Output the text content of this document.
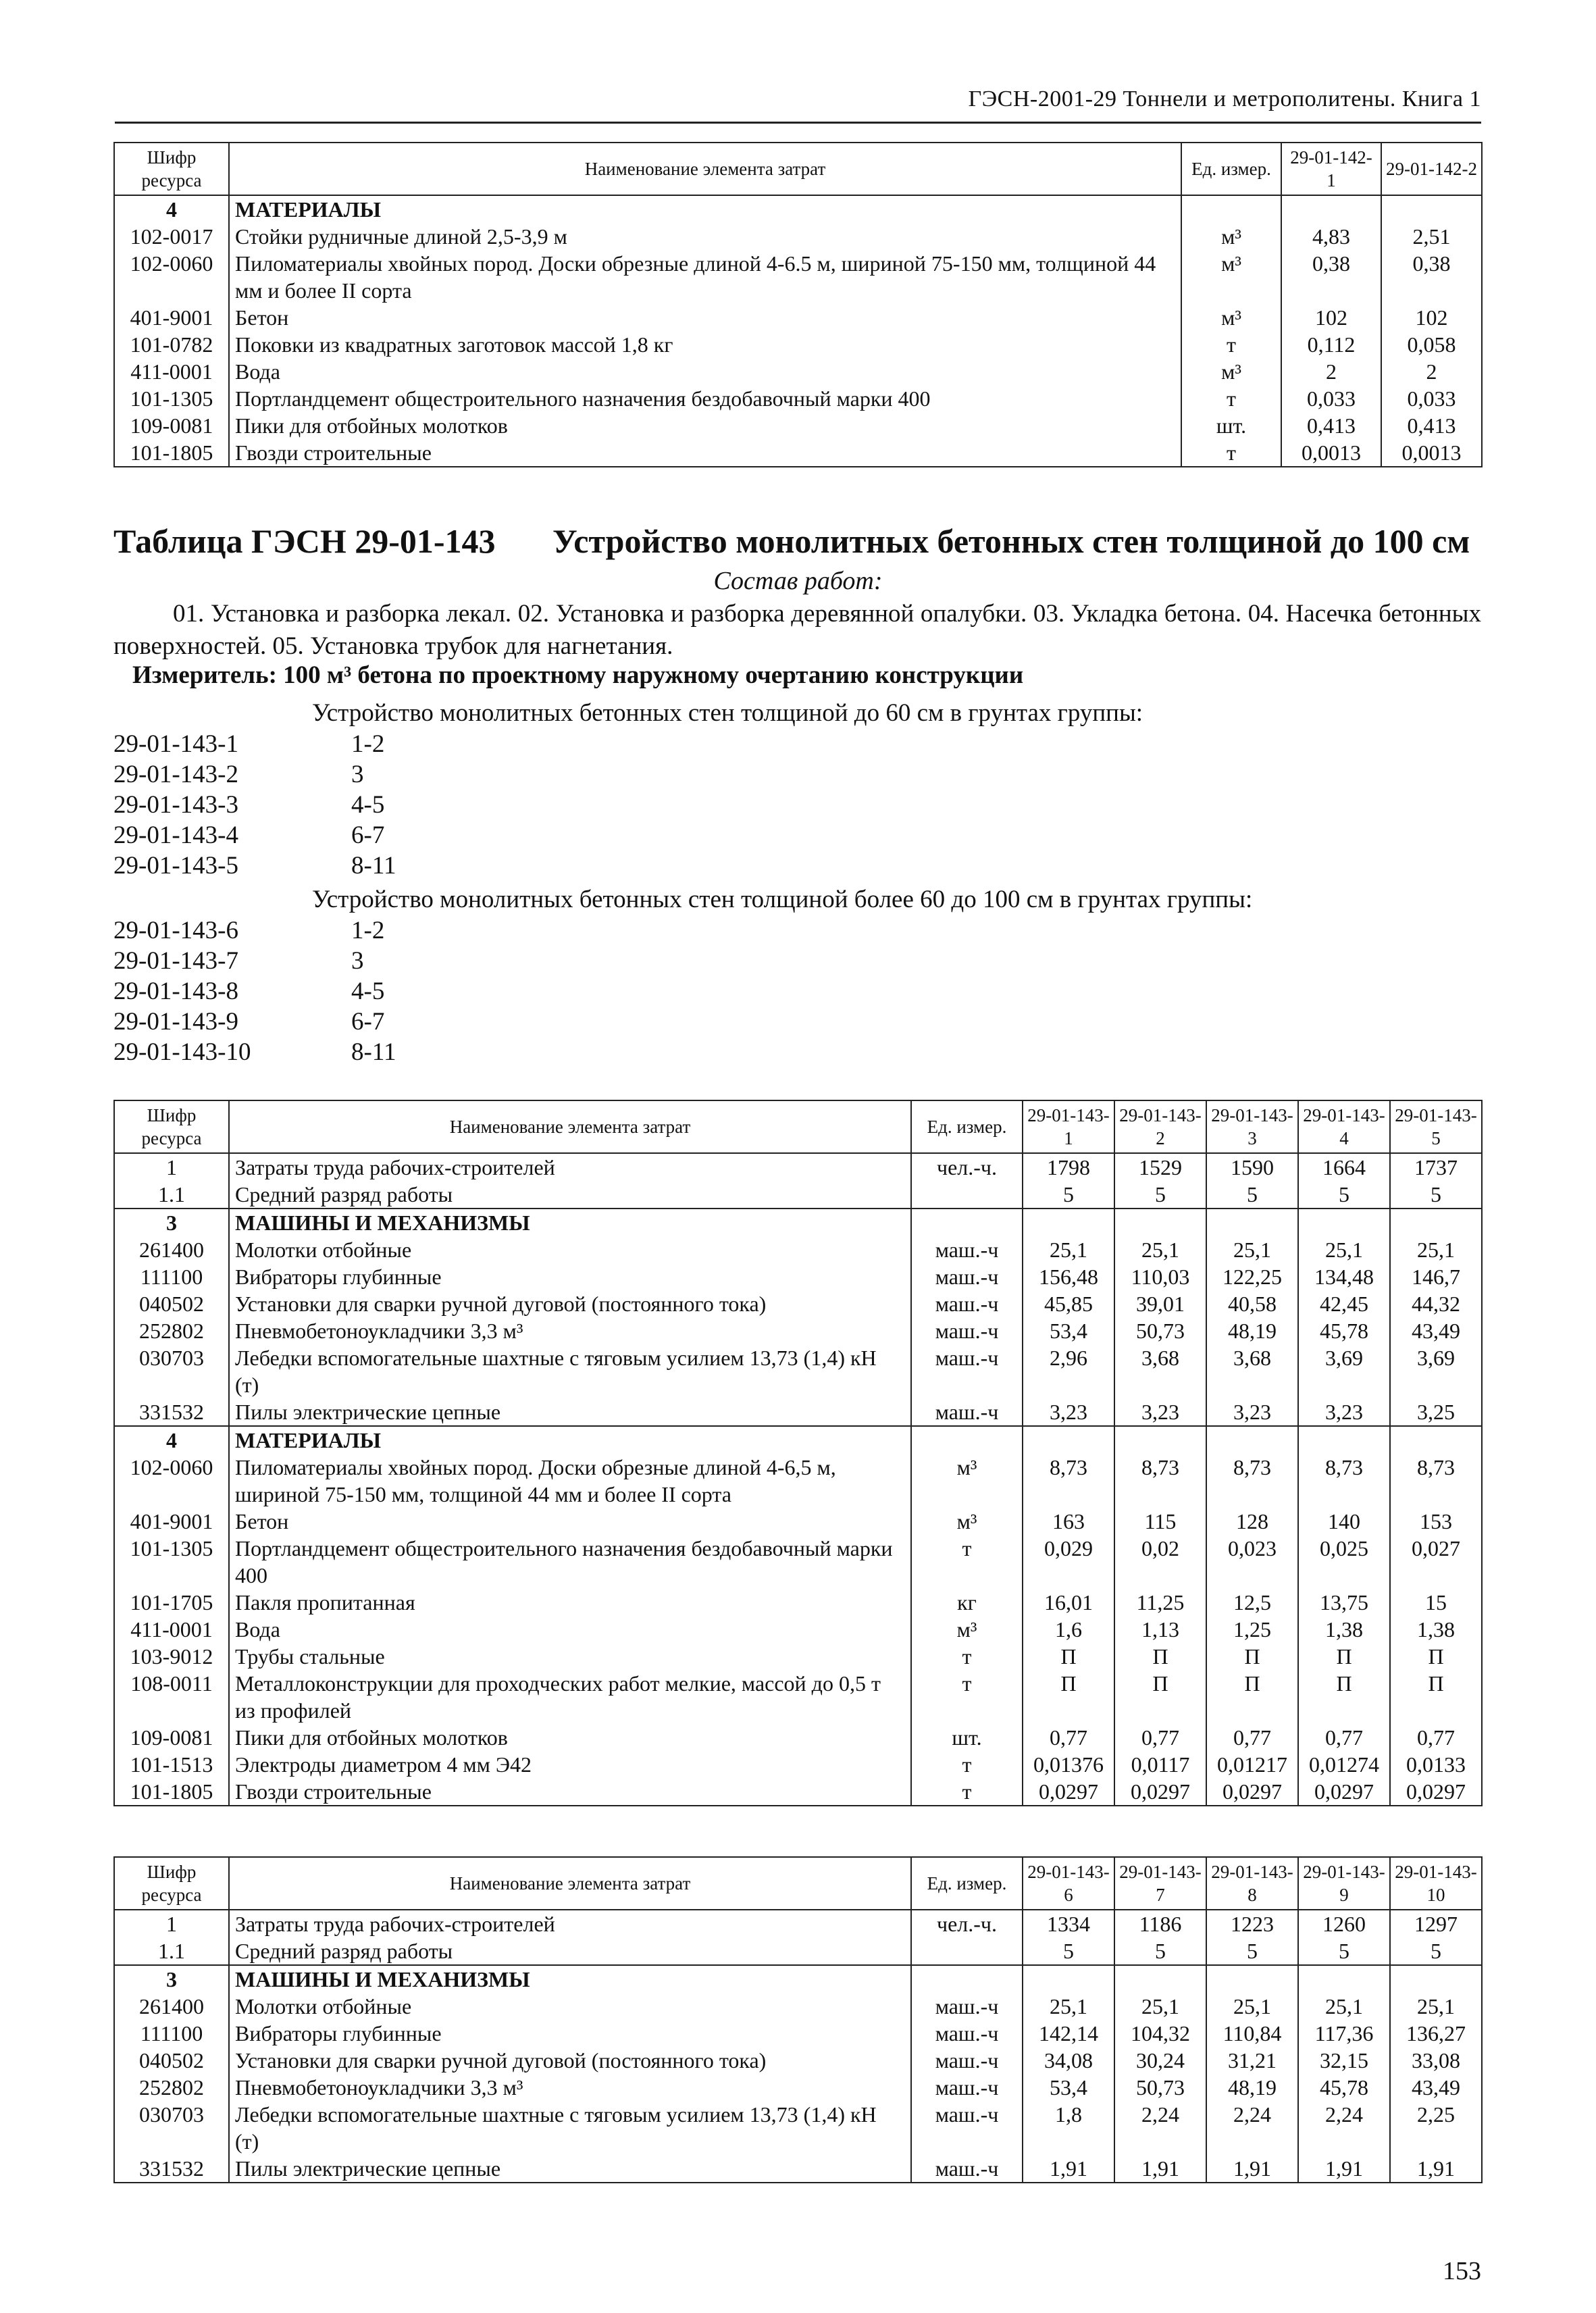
ГЭСН-2001-29 Тоннели и метрополитены. Книга 1
Шифр ресурса	Наименование элемента затрат	Ед. измер.	29-01-142-1	29-01-142-2
4	МАТЕРИАЛЫ			
102-0017	Стойки рудничные длиной 2,5-3,9 м	м³	4,83	2,51
102-0060	Пиломатериалы хвойных пород. Доски обрезные длиной 4-6.5 м, шириной 75-150 мм, толщиной 44 мм и более II сорта	м³	0,38	0,38
401-9001	Бетон	м³	102	102
101-0782	Поковки из квадратных заготовок массой 1,8 кг	т	0,112	0,058
411-0001	Вода	м³	2	2
101-1305	Портландцемент общестроительного назначения бездобавочный марки 400	т	0,033	0,033
109-0081	Пики для отбойных молотков	шт.	0,413	0,413
101-1805	Гвозди строительные	т	0,0013	0,0013
Таблица ГЭСН 29-01-143 Устройство монолитных бетонных стен толщиной до 100 см
Состав работ:
01. Установка и разборка лекал. 02. Установка и разборка деревянной опалубки. 03. Укладка бетона. 04. Насечка бетонных поверхностей. 05. Установка трубок для нагнетания.
Измеритель: 100 м³ бетона по проектному наружному очертанию конструкции
Устройство монолитных бетонных стен толщиной до 60 см в грунтах группы:
29-01-143-1	1-2
29-01-143-2	3
29-01-143-3	4-5
29-01-143-4	6-7
29-01-143-5	8-11
Устройство монолитных бетонных стен толщиной более 60 до 100 см в грунтах группы:
29-01-143-6	1-2
29-01-143-7	3
29-01-143-8	4-5
29-01-143-9	6-7
29-01-143-10	8-11
Шифр ресурса	Наименование элемента затрат	Ед. измер.	29-01-143-1	29-01-143-2	29-01-143-3	29-01-143-4	29-01-143-5
1	Затраты труда рабочих-строителей	чел.-ч.	1798	1529	1590	1664	1737
1.1	Средний разряд работы		5	5	5	5	5
3	МАШИНЫ И МЕХАНИЗМЫ						
261400	Молотки отбойные	маш.-ч	25,1	25,1	25,1	25,1	25,1
111100	Вибраторы глубинные	маш.-ч	156,48	110,03	122,25	134,48	146,7
040502	Установки для сварки ручной дуговой (постоянного тока)	маш.-ч	45,85	39,01	40,58	42,45	44,32
252802	Пневмобетоноукладчики 3,3 м³	маш.-ч	53,4	50,73	48,19	45,78	43,49
030703	Лебедки вспомогательные шахтные с тяговым усилием 13,73 (1,4) кН (т)	маш.-ч	2,96	3,68	3,68	3,69	3,69
331532	Пилы электрические цепные	маш.-ч	3,23	3,23	3,23	3,23	3,25
4	МАТЕРИАЛЫ						
102-0060	Пиломатериалы хвойных пород. Доски обрезные длиной 4-6,5 м, шириной 75-150 мм, толщиной 44 мм и более II сорта	м³	8,73	8,73	8,73	8,73	8,73
401-9001	Бетон	м³	163	115	128	140	153
101-1305	Портландцемент общестроительного назначения бездобавочный марки 400	т	0,029	0,02	0,023	0,025	0,027
101-1705	Пакля пропитанная	кг	16,01	11,25	12,5	13,75	15
411-0001	Вода	м³	1,6	1,13	1,25	1,38	1,38
103-9012	Трубы стальные	т	П	П	П	П	П
108-0011	Металлоконструкции для проходческих работ мелкие, массой до 0,5 т из профилей	т	П	П	П	П	П
109-0081	Пики для отбойных молотков	шт.	0,77	0,77	0,77	0,77	0,77
101-1513	Электроды диаметром 4 мм Э42	т	0,01376	0,0117	0,01217	0,01274	0,0133
101-1805	Гвозди строительные	т	0,0297	0,0297	0,0297	0,0297	0,0297
Шифр ресурса	Наименование элемента затрат	Ед. измер.	29-01-143-6	29-01-143-7	29-01-143-8	29-01-143-9	29-01-143-10
1	Затраты труда рабочих-строителей	чел.-ч.	1334	1186	1223	1260	1297
1.1	Средний разряд работы		5	5	5	5	5
3	МАШИНЫ И МЕХАНИЗМЫ						
261400	Молотки отбойные	маш.-ч	25,1	25,1	25,1	25,1	25,1
111100	Вибраторы глубинные	маш.-ч	142,14	104,32	110,84	117,36	136,27
040502	Установки для сварки ручной дуговой (постоянного тока)	маш.-ч	34,08	30,24	31,21	32,15	33,08
252802	Пневмобетоноукладчики 3,3 м³	маш.-ч	53,4	50,73	48,19	45,78	43,49
030703	Лебедки вспомогательные шахтные с тяговым усилием 13,73 (1,4) кН (т)	маш.-ч	1,8	2,24	2,24	2,24	2,25
331532	Пилы электрические цепные	маш.-ч	1,91	1,91	1,91	1,91	1,91
153
